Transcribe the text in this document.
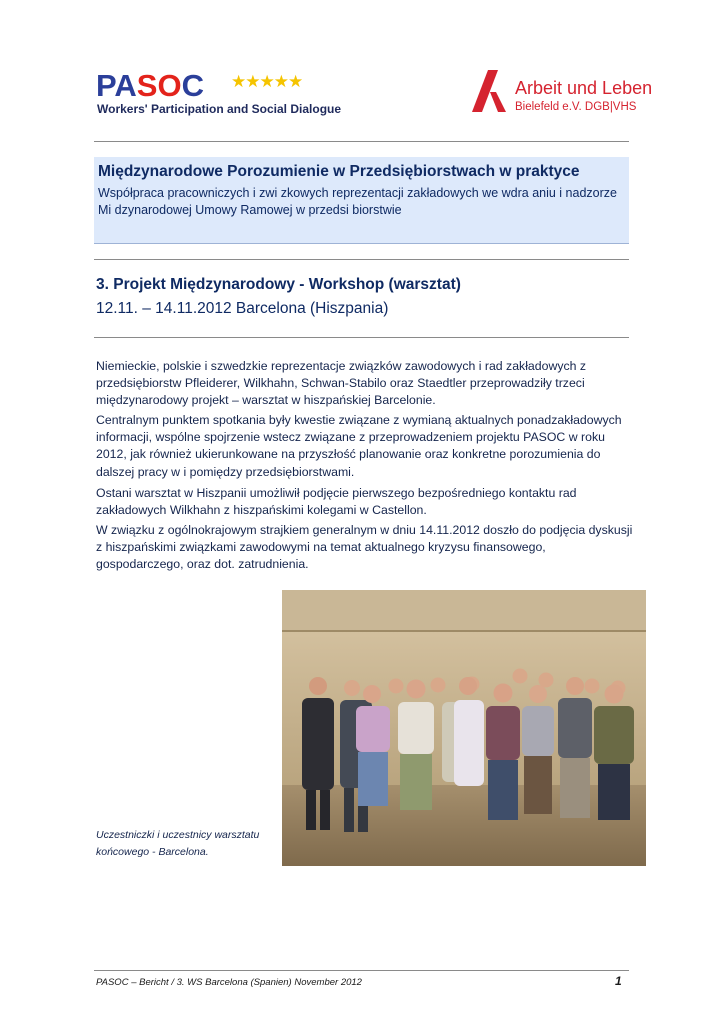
PASOC ★★★★★
Workers' Participation and Social Dialogue
Arbeit und Leben
Bielefeld e.V. DGB|VHS
Międzynarodowe Porozumienie w Przedsiębiorstwach w praktyce
Współpraca pracowniczych i zwi zkowych reprezentacji zakładowych we wdra aniu i nadzorze Mi dzynarodowej Umowy Ramowej w przedsi biorstwie
3. Projekt Międzynarodowy - Workshop (warsztat)
12.11. – 14.11.2012 Barcelona (Hiszpania)
Niemieckie, polskie i szwedzkie reprezentacje związków zawodowych i rad zakładowych z przedsiębiorstw Pfleiderer, Wilkhahn, Schwan-Stabilo oraz Staedtler przeprowadziły trzeci międzynarodowy projekt – warsztat w hiszpańskiej Barcelonie.
Centralnym punktem spotkania były kwestie związane z wymianą aktualnych ponadzakładowych informacji, wspólne spojrzenie wstecz związane z przeprowadzeniem projektu PASOC w roku 2012, jak również ukierunkowane na przyszłość planowanie oraz konkretne porozumienia do dalszej pracy w i pomiędzy przedsiębiorstwami.
Ostani warsztat w Hiszpanii umożliwił podjęcie pierwszego bezpośredniego kontaktu rad zakładowych Wilkhahn z hiszpańskimi kolegami w Castellon.
W związku z ogólnokrajowym strajkiem generalnym w dniu 14.11.2012 doszło do podjęcia dyskusji z hiszpańskimi związkami zawodowymi na temat aktualnego kryzysu finansowego, gospodarczego, oraz dot. zatrudnienia.
Uczestniczki i uczestnicy warsztatu końcowego - Barcelona.
PASOC – Bericht / 3. WS Barcelona (Spanien) November 2012	1
